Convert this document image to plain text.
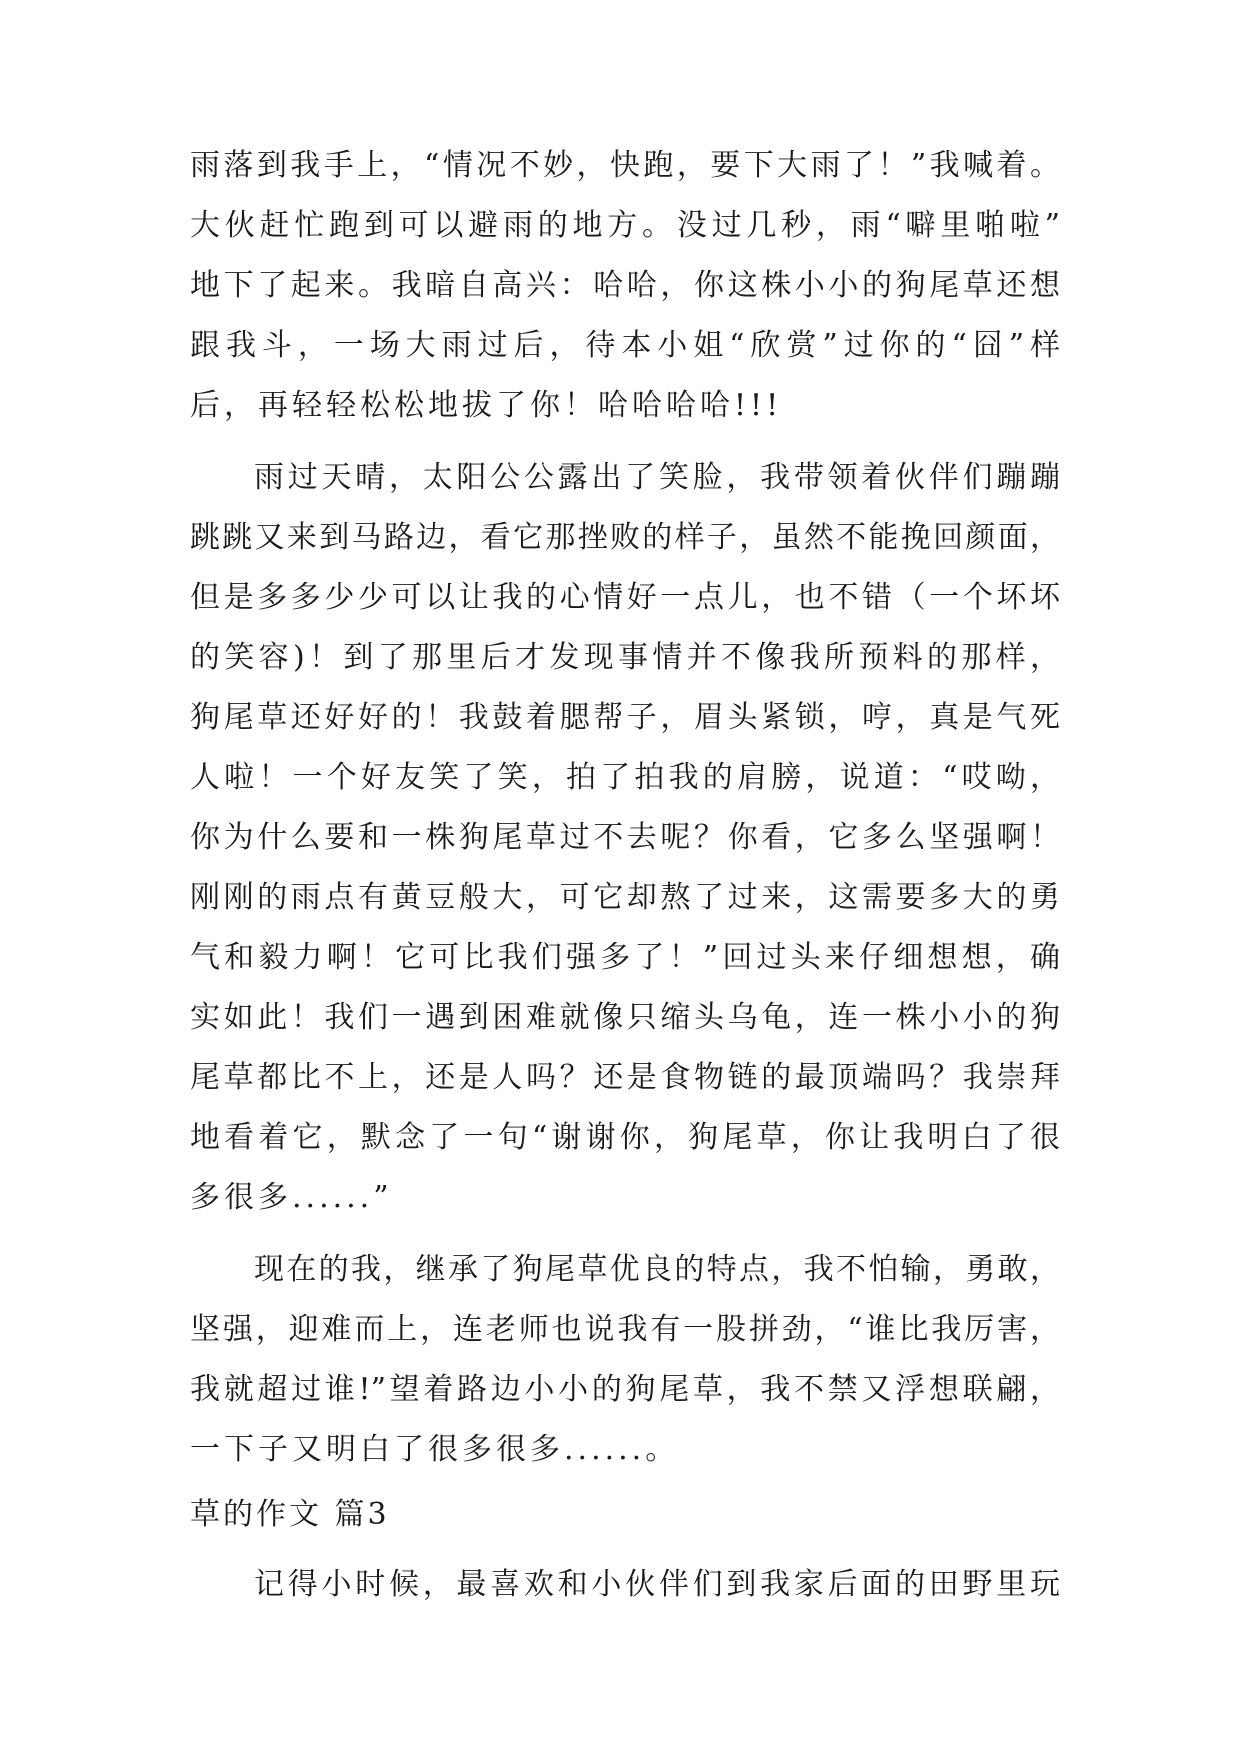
雨落到我手上，“情况不妙，快跑，要下大雨了！”我喊着。
大伙赶忙跑到可以避雨的地方。没过几秒，雨“噼里啪啦”
地下了起来。我暗自高兴：哈哈，你这株小小的狗尾草还想
跟我斗，一场大雨过后，待本小姐“欣赏”过你的“囧”样
后，再轻轻松松地拔了你！哈哈哈哈!!!
雨过天晴，太阳公公露出了笑脸，我带领着伙伴们蹦蹦
跳跳又来到马路边，看它那挫败的样子，虽然不能挽回颜面，
但是多多少少可以让我的心情好一点儿，也不错（一个坏坏
的笑容)！到了那里后才发现事情并不像我所预料的那样，
狗尾草还好好的！我鼓着腮帮子，眉头紧锁，哼，真是气死
人啦！一个好友笑了笑，拍了拍我的肩膀，说道：“哎呦，
你为什么要和一株狗尾草过不去呢？你看，它多么坚强啊！
刚刚的雨点有黄豆般大，可它却熬了过来，这需要多大的勇
气和毅力啊！它可比我们强多了！”回过头来仔细想想，确
实如此！我们一遇到困难就像只缩头乌龟，连一株小小的狗
尾草都比不上，还是人吗？还是食物链的最顶端吗？我崇拜
地看着它，默念了一句“谢谢你，狗尾草，你让我明白了很
多很多......”
现在的我，继承了狗尾草优良的特点，我不怕输，勇敢，
坚强，迎难而上，连老师也说我有一股拼劲，“谁比我厉害，
我就超过谁!”望着路边小小的狗尾草，我不禁又浮想联翩，
一下子又明白了很多很多......。
草的作文 篇3
记得小时候，最喜欢和小伙伴们到我家后面的田野里玩
